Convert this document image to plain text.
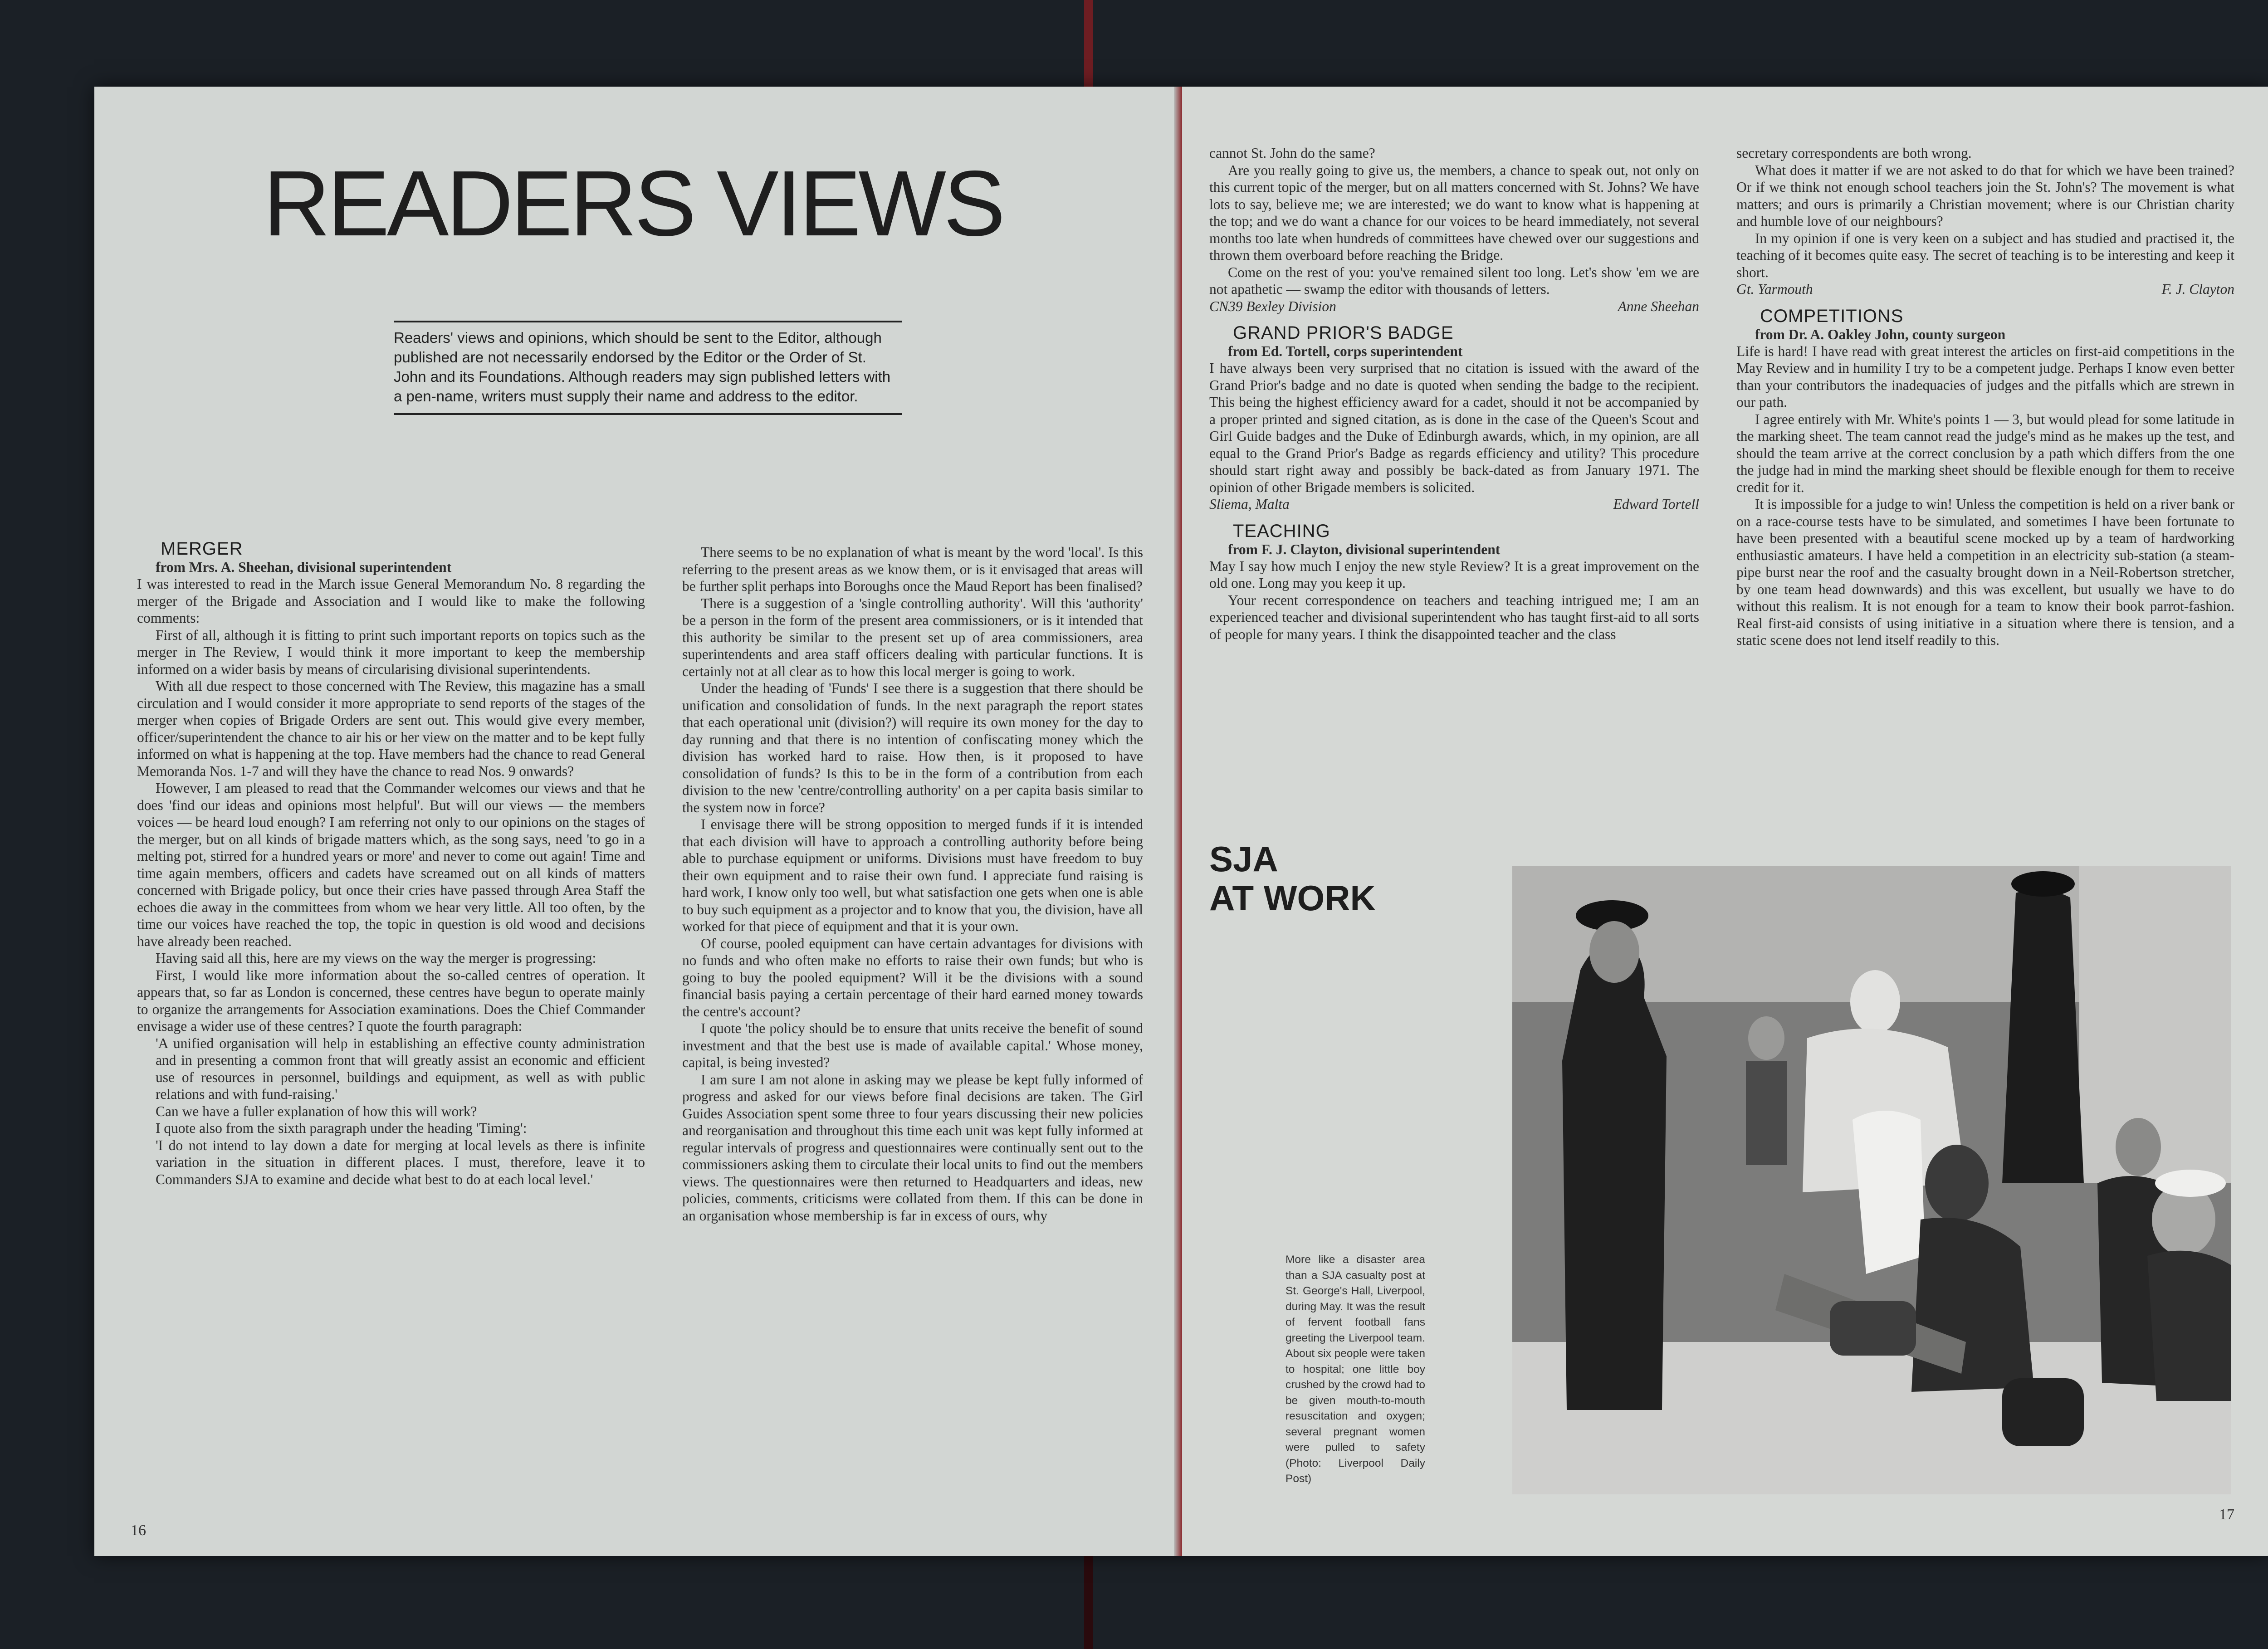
READERS VIEWS
Readers' views and opinions, which should be sent to the Editor, although published are not necessarily endorsed by the Editor or the Order of St. John and its Foundations. Although readers may sign published letters with a pen-name, writers must supply their name and address to the editor.

MERGER

from Mrs. A. Sheehan, divisional superintendent

I was interested to read in the March issue General Memorandum No. 8 regarding the merger of the Brigade and Association and I would like to make the following comments:

First of all, although it is fitting to print such important reports on topics such as the merger in The Review, I would think it more important to keep the membership informed on a wider basis by means of circularising divisional superintendents.

With all due respect to those concerned with The Review, this magazine has a small circulation and I would consider it more appropriate to send reports of the stages of the merger when copies of Brigade Orders are sent out. This would give every member, officer/superintendent the chance to air his or her view on the matter and to be kept fully informed on what is happening at the top. Have members had the chance to read General Memoranda Nos. 1-7 and will they have the chance to read Nos. 9 onwards?

However, I am pleased to read that the Commander welcomes our views and that he does 'find our ideas and opinions most helpful'. But will our views — the members voices — be heard loud enough? I am referring not only to our opinions on the stages of the merger, but on all kinds of brigade matters which, as the song says, need 'to go in a melting pot, stirred for a hundred years or more' and never to come out again! Time and time again members, officers and cadets have screamed out on all kinds of matters concerned with Brigade policy, but once their cries have passed through Area Staff the echoes die away in the committees from whom we hear very little. All too often, by the time our voices have reached the top, the topic in question is old wood and decisions have already been reached.

Having said all this, here are my views on the way the merger is progressing:

First, I would like more information about the so-called centres of operation. It appears that, so far as London is concerned, these centres have begun to operate mainly to organize the arrangements for Association examinations. Does the Chief Commander envisage a wider use of these centres? I quote the fourth paragraph:

'A unified organisation will help in establishing an effective county administration and in presenting a common front that will greatly assist an economic and efficient use of resources in personnel, buildings and equipment, as well as with public relations and with fund-raising.'

Can we have a fuller explanation of how this will work?

I quote also from the sixth paragraph under the heading 'Timing':

'I do not intend to lay down a date for merging at local levels as there is infinite variation in the situation in different places. I must, therefore, leave it to Commanders SJA to examine and decide what best to do at each local level.'

There seems to be no explanation of what is meant by the word 'local'. Is this referring to the present areas as we know them, or is it envisaged that areas will be further split perhaps into Boroughs once the Maud Report has been finalised?

There is a suggestion of a 'single controlling authority'. Will this 'authority' be a person in the form of the present area commissioners, or is it intended that this authority be similar to the present set up of area commissioners, area superintendents and area staff officers dealing with particular functions. It is certainly not at all clear as to how this local merger is going to work.

Under the heading of 'Funds' I see there is a suggestion that there should be unification and consolidation of funds. In the next paragraph the report states that each operational unit (division?) will require its own money for the day to day running and that there is no intention of confiscating money which the division has worked hard to raise. How then, is it proposed to have consolidation of funds? Is this to be in the form of a contribution from each division to the new 'centre/controlling authority' on a per capita basis similar to the system now in force?

I envisage there will be strong opposition to merged funds if it is intended that each division will have to approach a controlling authority before being able to purchase equipment or uniforms. Divisions must have freedom to buy their own equipment and to raise their own fund. I appreciate fund raising is hard work, I know only too well, but what satisfaction one gets when one is able to buy such equipment as a projector and to know that you, the division, have all worked for that piece of equipment and that it is your own.

Of course, pooled equipment can have certain advantages for divisions with no funds and who often make no efforts to raise their own funds; but who is going to buy the pooled equipment? Will it be the divisions with a sound financial basis paying a certain percentage of their hard earned money towards the centre's account?

I quote 'the policy should be to ensure that units receive the benefit of sound investment and that the best use is made of available capital.' Whose money, capital, is being invested?

I am sure I am not alone in asking may we please be kept fully informed of progress and asked for our views before final decisions are taken. The Girl Guides Association spent some three to four years discussing their new policies and reorganisation and throughout this time each unit was kept fully informed at regular intervals of progress and questionnaires were continually sent out to the commissioners asking them to circulate their local units to find out the members views. The questionnaires were then returned to Headquarters and ideas, new policies, comments, criticisms were collated from them. If this can be done in an organisation whose membership is far in excess of ours, why

16

cannot St. John do the same?

Are you really going to give us, the members, a chance to speak out, not only on this current topic of the merger, but on all matters concerned with St. Johns? We have lots to say, believe me; we are interested; we do want to know what is happening at the top; and we do want a chance for our voices to be heard immediately, not several months too late when hundreds of committees have chewed over our suggestions and thrown them overboard before reaching the Bridge.

Come on the rest of you: you've remained silent too long. Let's show 'em we are not apathetic — swamp the editor with thousands of letters.

CN39 Bexley Division	Anne Sheehan

GRAND PRIOR'S BADGE

from Ed. Tortell, corps superintendent

I have always been very surprised that no citation is issued with the award of the Grand Prior's badge and no date is quoted when sending the badge to the recipient. This being the highest efficiency award for a cadet, should it not be accompanied by a proper printed and signed citation, as is done in the case of the Queen's Scout and Girl Guide badges and the Duke of Edinburgh awards, which, in my opinion, are all equal to the Grand Prior's Badge as regards efficiency and utility? This procedure should start right away and possibly be back-dated as from January 1971. The opinion of other Brigade members is solicited.

Sliema, Malta	Edward Tortell

TEACHING

from F. J. Clayton, divisional superintendent

May I say how much I enjoy the new style Review? It is a great improvement on the old one. Long may you keep it up.

Your recent correspondence on teachers and teaching intrigued me; I am an experienced teacher and divisional superintendent who has taught first-aid to all sorts of people for many years. I think the disappointed teacher and the class

secretary correspondents are both wrong.

What does it matter if we are not asked to do that for which we have been trained? Or if we think not enough school teachers join the St. John's? The movement is what matters; and ours is primarily a Christian movement; where is our Christian charity and humble love of our neighbours?

In my opinion if one is very keen on a subject and has studied and practised it, the teaching of it becomes quite easy. The secret of teaching is to be interesting and keep it short.

Gt. Yarmouth	F. J. Clayton

COMPETITIONS

from Dr. A. Oakley John, county surgeon

Life is hard! I have read with great interest the articles on first-aid competitions in the May Review and in humility I try to be a competent judge. Perhaps I know even better than your contributors the inadequacies of judges and the pitfalls which are strewn in our path.

I agree entirely with Mr. White's points 1 — 3, but would plead for some latitude in the marking sheet. The team cannot read the judge's mind as he makes up the test, and should the team arrive at the correct conclusion by a path which differs from the one the judge had in mind the marking sheet should be flexible enough for them to receive credit for it.

It is impossible for a judge to win! Unless the competition is held on a river bank or on a race-course tests have to be simulated, and sometimes I have been fortunate to have been presented with a beautiful scene mocked up by a team of hardworking enthusiastic amateurs. I have held a competition in an electricity sub-station (a steam-pipe burst near the roof and the casualty brought down in a Neil-Robertson stretcher, by one team head downwards) and this was excellent, but usually we have to do without this realism. It is not enough for a team to know their book parrot-fashion. Real first-aid consists of using initiative in a situation where there is tension, and a static scene does not lend itself readily to this.

SJA
AT WORK
More like a disaster area than a SJA casualty post at St. George's Hall, Liverpool, during May. It was the result of fervent football fans greeting the Liverpool team. About six people were taken to hospital; one little boy crushed by the crowd had to be given mouth-to-mouth resuscitation and oxygen; several pregnant women were pulled to safety (Photo: Liverpool Daily Post)
17
